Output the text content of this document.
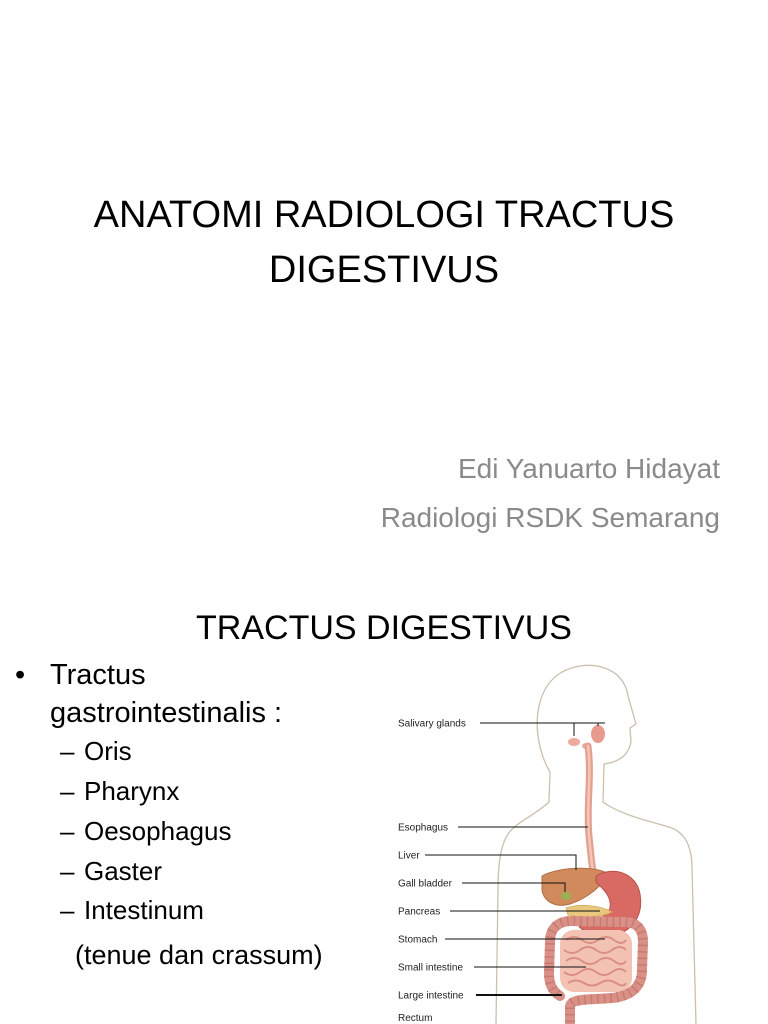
ANATOMI RADIOLOGI TRACTUS
DIGESTIVUS
Edi Yanuarto Hidayat
Radiologi RSDK Semarang
Salivary glands
Esophagus
Liver
Gall bladder
Pancreas
Stomach
Small intestine
Large intestine
Rectum
TRACTUS DIGESTIVUS
• Tractus
gastrointestinalis :
– Oris
– Pharynx
– Oesophagus
– Gaster
– Intestinum
(tenue dan crassum)
